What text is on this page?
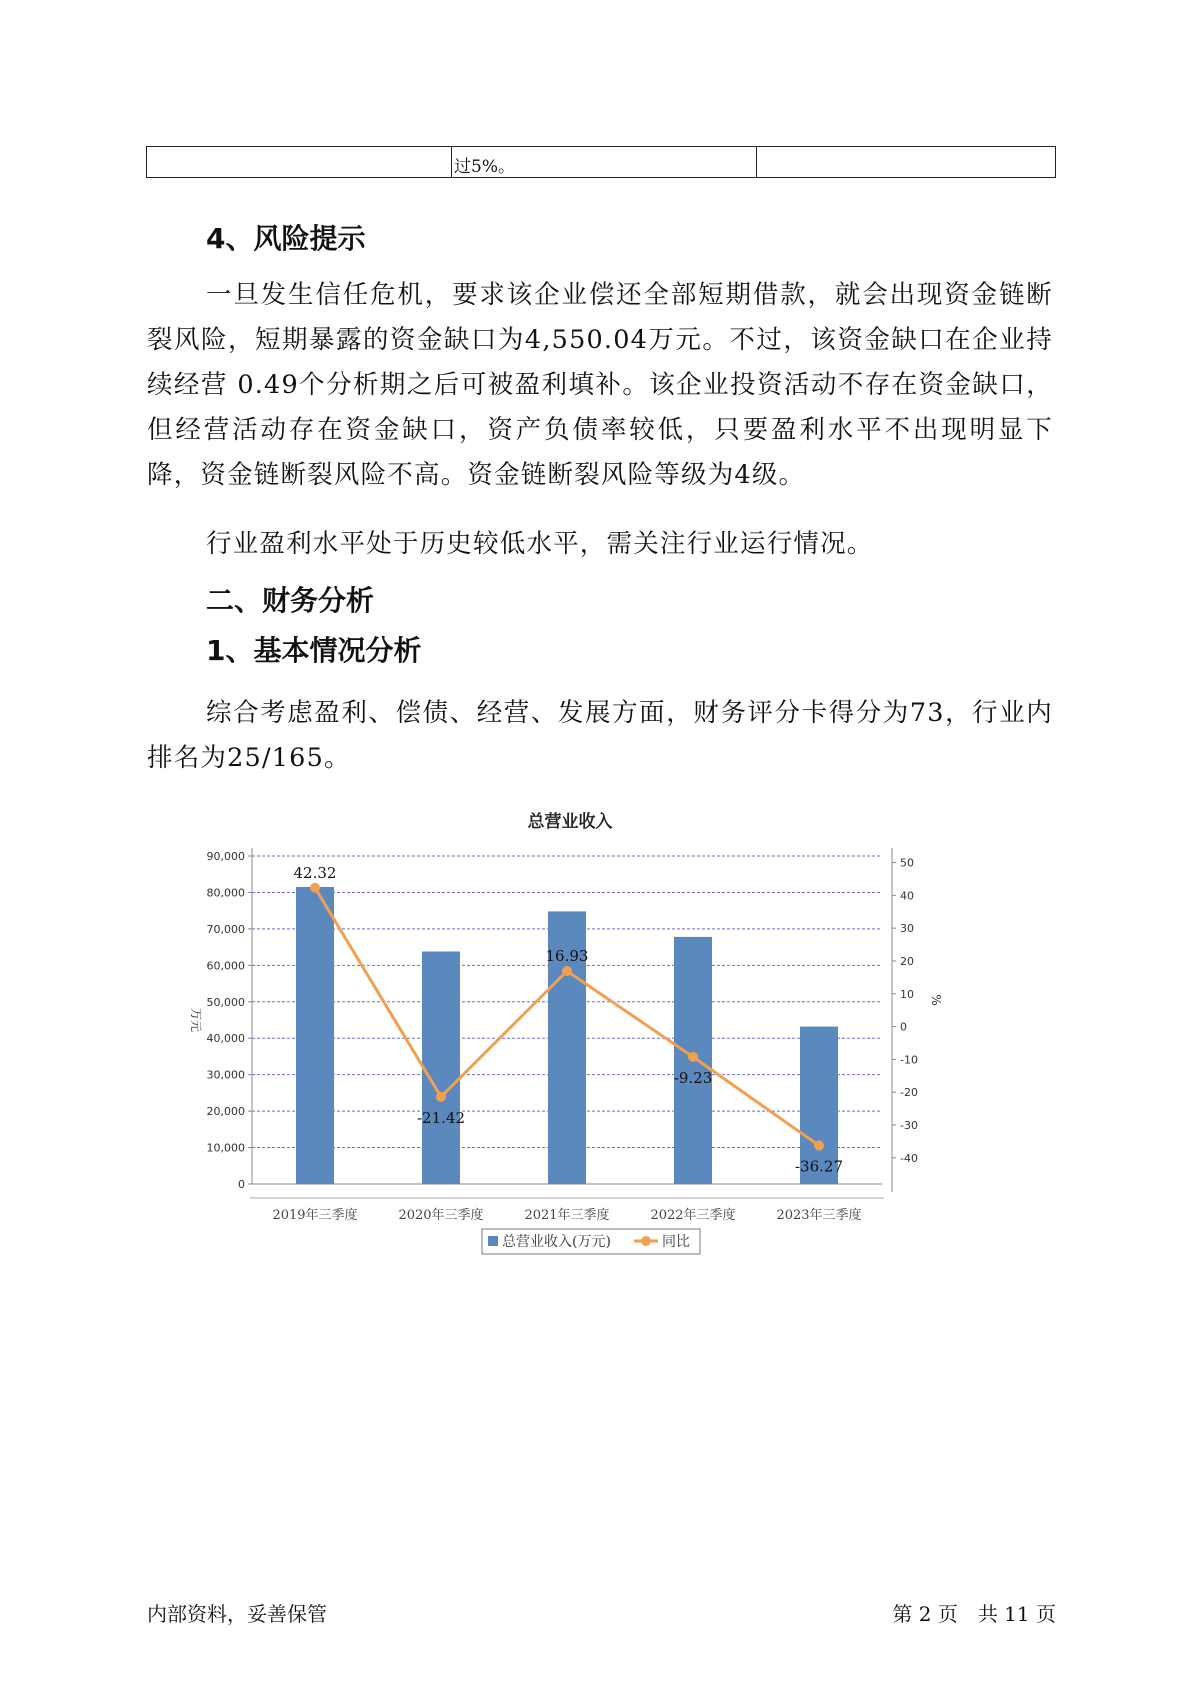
过5%。
4、风险提示

一旦发生信任危机，要求该企业偿还全部短期借款，就会出现资金链断裂风险，短期暴露的资金缺口为4,550.04万元。不过，该资金缺口在企业持续经营 0.49个分析期之后可被盈利填补。该企业投资活动不存在资金缺口，但经营活动存在资金缺口，资产负债率较低，只要盈利水平不出现明显下降，资金链断裂风险不高。资金链断裂风险等级为4级。

行业盈利水平处于历史较低水平，需关注行业运行情况。

二、财务分析
1、基本情况分析

综合考虑盈利、偿债、经营、发展方面，财务评分卡得分为73，行业内排名为25/165。

总营业收入
0
10,000
20,000
30,000
40,000
50,000
60,000
70,000
80,000
90,000
50
40
30
20
10
0
-10
-20
-30
-40
万元
%
2019年三季度	2020年三季度	2021年三季度	2022年三季度	2023年三季度
42.32
-21.42
16.93
-9.23
-36.27
总营业收入(万元)	同比
内部资料，妥善保管	第 2 页　共 11 页
